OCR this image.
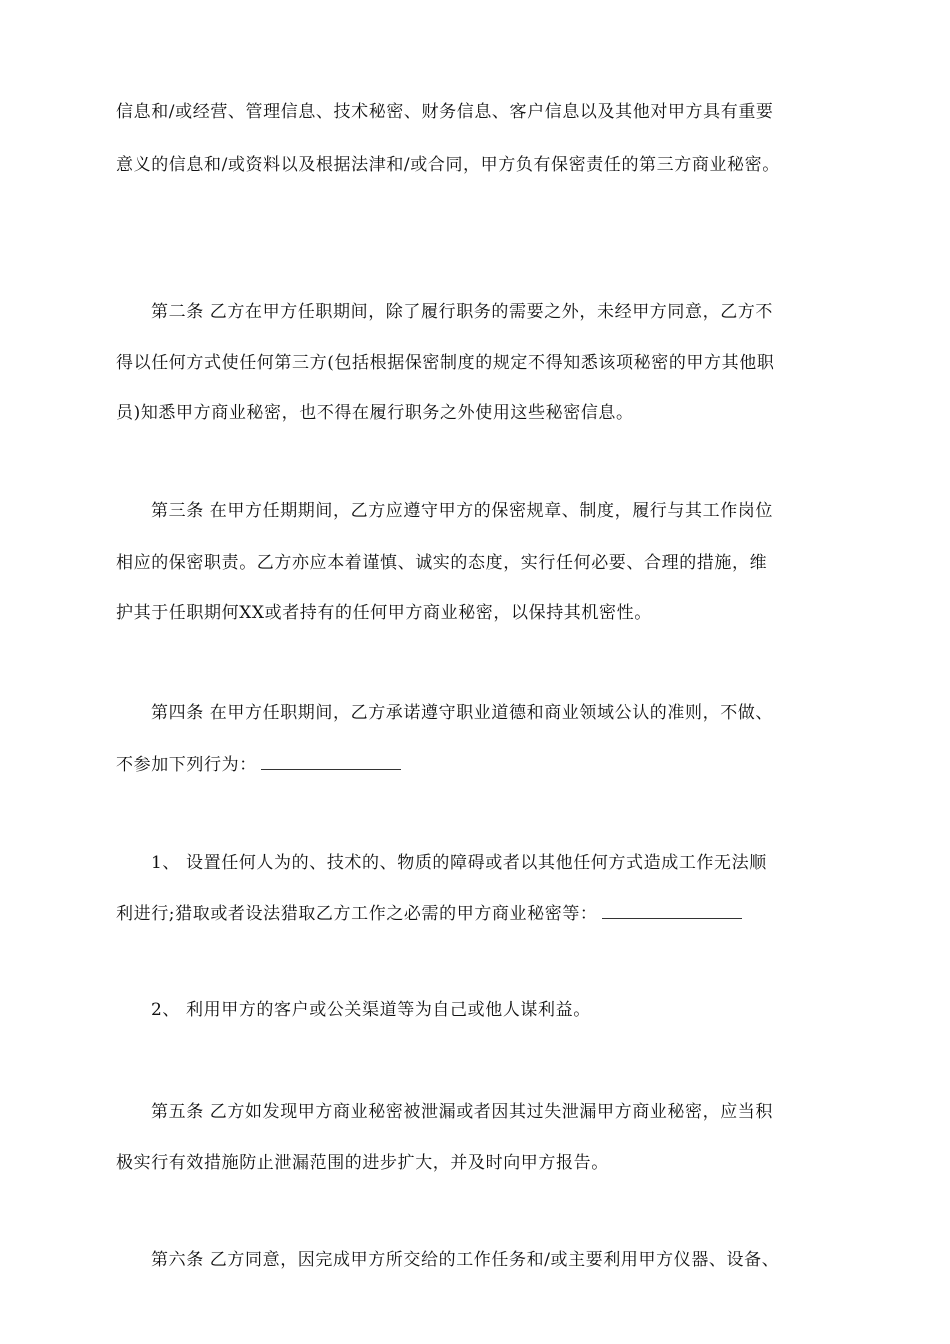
信息和/或经营、管理信息、技术秘密、财务信息、客户信息以及其他对甲方具有重要
意义的信息和/或资料以及根据法津和/或合同，甲方负有保密责任的第三方商业秘密。
第二条 乙方在甲方任职期间，除了履行职务的需要之外，未经甲方同意，乙方不
得以任何方式使任何第三方(包括根据保密制度的规定不得知悉该项秘密的甲方其他职
员)知悉甲方商业秘密，也不得在履行职务之外使用这些秘密信息。
第三条 在甲方任期期间，乙方应遵守甲方的保密规章、制度，履行与其工作岗位
相应的保密职责。乙方亦应本着谨慎、诚实的态度，实行任何必要、合理的措施，维
护其于任职期何XX或者持有的任何甲方商业秘密，以保持其机密性。
第四条 在甲方任职期间，乙方承诺遵守职业道德和商业领域公认的准则，不做、
不参加下列行为：
1、 设置任何人为的、技术的、物质的障碍或者以其他任何方式造成工作无法顺
利进行;猎取或者设法猎取乙方工作之必需的甲方商业秘密等：
2、 利用甲方的客户或公关渠道等为自己或他人谋利益。
第五条 乙方如发现甲方商业秘密被泄漏或者因其过失泄漏甲方商业秘密，应当积
极实行有效措施防止泄漏范围的进步扩大，并及时向甲方报告。
第六条 乙方同意，因完成甲方所交给的工作任务和/或主要利用甲方仪器、设备、
